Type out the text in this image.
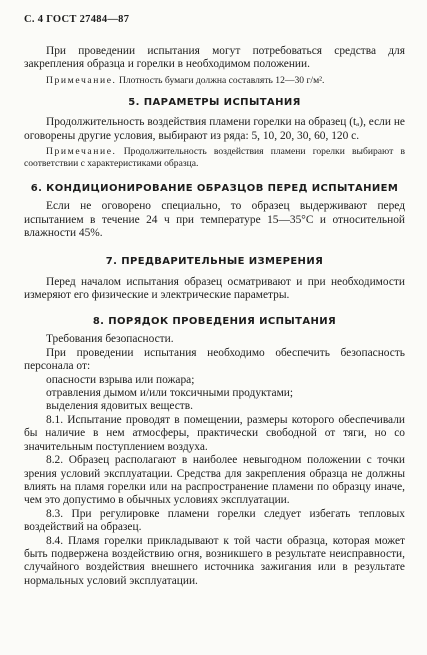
С. 4 ГОСТ 27484—87

При проведении испытания могут потребоваться средства для закрепления образца и горелки в необходимом положении.

Примечание. Плотность бумаги должна составлять 12—30 г/м².

5. ПАРАМЕТРЫ ИСПЫТАНИЯ

Продолжительность воздействия пламени горелки на образец (tₐ), если не оговорены другие условия, выбирают из ряда: 5, 10, 20, 30, 60, 120 с.

Примечание. Продолжительность воздействия пламени горелки выбирают в соответствии с характеристиками образца.

6. КОНДИЦИОНИРОВАНИЕ ОБРАЗЦОВ ПЕРЕД ИСПЫТАНИЕМ

Если не оговорено специально, то образец выдерживают перед испытанием в течение 24 ч при температуре 15—35°С и относительной влажности 45%.

7. ПРЕДВАРИТЕЛЬНЫЕ ИЗМЕРЕНИЯ

Перед началом испытания образец осматривают и при необходимости измеряют его физические и электрические параметры.

8. ПОРЯДОК ПРОВЕДЕНИЯ ИСПЫТАНИЯ

Требования безопасности.

При проведении испытания необходимо обеспечить безопасность персонала от:

опасности взрыва или пожара;

отравления дымом и/или токсичными продуктами;

выделения ядовитых веществ.

8.1. Испытание проводят в помещении, размеры которого обеспечивали бы наличие в нем атмосферы, практически свободной от тяги, но со значительным поступлением воздуха.

8.2. Образец располагают в наиболее невыгодном положении с точки зрения условий эксплуатации. Средства для закрепления образца не должны влиять на пламя горелки или на распространение пламени по образцу иначе, чем это допустимо в обычных условиях эксплуатации.

8.3. При регулировке пламени горелки следует избегать тепловых воздействий на образец.

8.4. Пламя горелки прикладывают к той части образца, которая может быть подвержена воздействию огня, возникшего в результате неисправности, случайного воздействия внешнего источника зажигания или в результате нормальных условий эксплуатации.
